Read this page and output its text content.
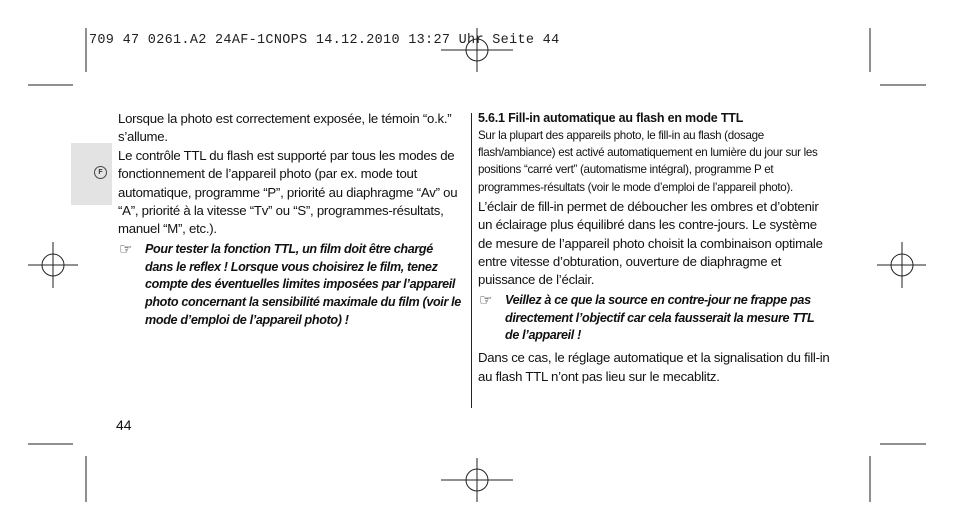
709 47 0261.A2 24AF-1CNOPS 14.12.2010 13:27 Uhr Seite 44
F

Lorsque la photo est correctement exposée, le témoin “o.k.” s’allume.

Le contrôle TTL du flash est supporté par tous les modes de fonctionnement de l’appareil photo (par ex. mode tout automatique, programme “P”, priorité au diaphragme “Av” ou “A”, priorité à la vitesse “Tv” ou “S”, programmes-résultats, manuel “M”, etc.).

☞ Pour tester la fonction TTL, un film doit être chargé dans le reflex ! Lorsque vous choisirez le film, tenez compte des éventuelles limites imposées par l’appareil photo concernant la sensibilité maximale du film (voir le mode d’emploi de l’appareil photo) !

5.6.1 Fill-in automatique au flash en mode TTL

Sur la plupart des appareils photo, le fill-in au flash (dosage flash/ambiance) est activé automatiquement en lumière du jour sur les positions “carré vert” (automatisme intégral), programme P et programmes-résultats (voir le mode d’emploi de l’appareil photo).

L’éclair de fill-in permet de déboucher les ombres et d’obtenir un éclairage plus équilibré dans les contre-jours. Le système de mesure de l’appareil photo choisit la combinaison optimale entre vitesse d’obturation, ouverture de diaphragme et puissance de l’éclair.

☞ Veillez à ce que la source en contre-jour ne frappe pas directement l’objectif car cela fausserait la mesure TTL de l’appareil !

Dans ce cas, le réglage automatique et la signalisation du fill-in au flash TTL n’ont pas lieu sur le mecablitz.

44
